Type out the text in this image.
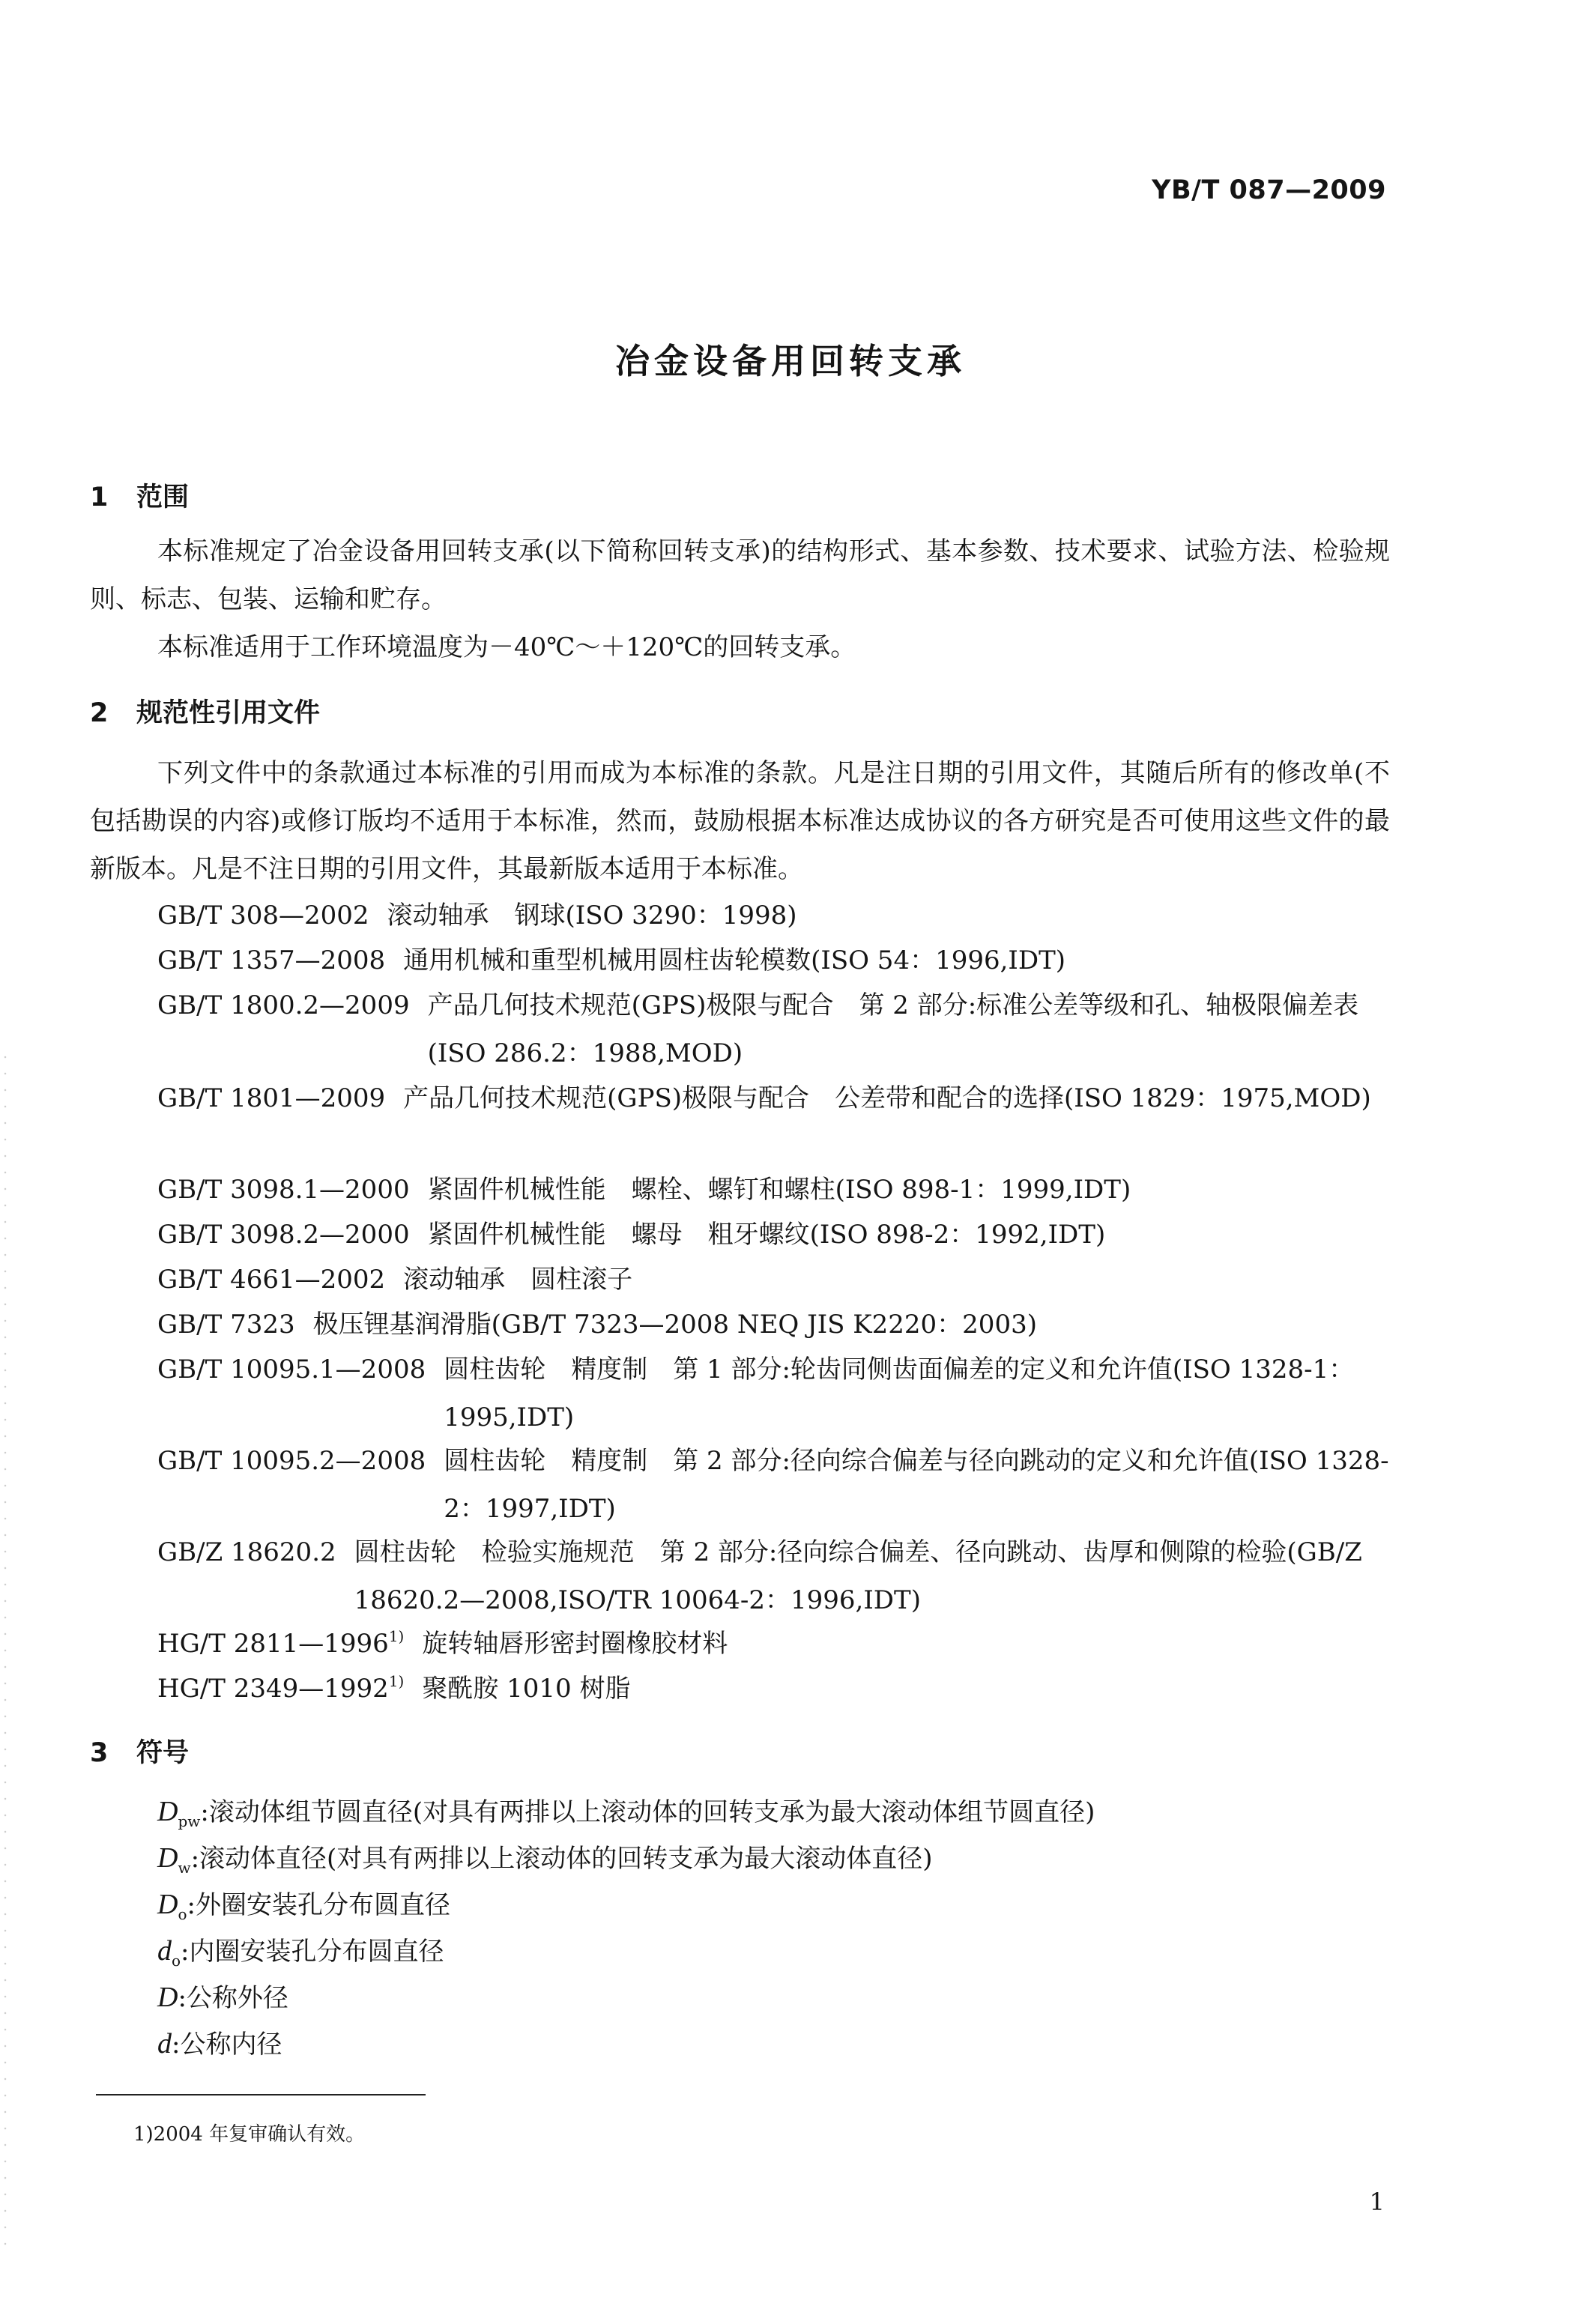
YB/T 087—2009
冶金设备用回转支承
1 范围
本标准规定了冶金设备用回转支承(以下简称回转支承)的结构形式、基本参数、技术要求、试验方法、检验规则、标志、包装、运输和贮存。
本标准适用于工作环境温度为－40℃～＋120℃的回转支承。
2 规范性引用文件
下列文件中的条款通过本标准的引用而成为本标准的条款。凡是注日期的引用文件，其随后所有的修改单(不包括勘误的内容)或修订版均不适用于本标准，然而，鼓励根据本标准达成协议的各方研究是否可使用这些文件的最新版本。凡是不注日期的引用文件，其最新版本适用于本标准。
GB/T 308—2002 滚动轴承　钢球(ISO 3290：1998)
GB/T 1357—2008 通用机械和重型机械用圆柱齿轮模数(ISO 54：1996,IDT)
GB/T 1800.2—2009 产品几何技术规范(GPS)极限与配合　第 2 部分:标准公差等级和孔、轴极限偏差表(ISO 286.2：1988,MOD)
GB/T 1801—2009 产品几何技术规范(GPS)极限与配合　公差带和配合的选择(ISO 1829：1975,MOD)
GB/T 3098.1—2000 紧固件机械性能　螺栓、螺钉和螺柱(ISO 898-1：1999,IDT)
GB/T 3098.2—2000 紧固件机械性能　螺母　粗牙螺纹(ISO 898-2：1992,IDT)
GB/T 4661—2002 滚动轴承　圆柱滚子
GB/T 7323 极压锂基润滑脂(GB/T 7323—2008 NEQ JIS K2220：2003)
GB/T 10095.1—2008 圆柱齿轮　精度制　第 1 部分:轮齿同侧齿面偏差的定义和允许值(ISO 1328-1：1995,IDT)
GB/T 10095.2—2008 圆柱齿轮　精度制　第 2 部分:径向综合偏差与径向跳动的定义和允许值(ISO 1328-2：1997,IDT)
GB/Z 18620.2 圆柱齿轮　检验实施规范　第 2 部分:径向综合偏差、径向跳动、齿厚和侧隙的检验(GB/Z 18620.2—2008,ISO/TR 10064-2：1996,IDT)
HG/T 2811—1996$^{1)}$ 旋转轴唇形密封圈橡胶材料
HG/T 2349—1992$^{1)}$ 聚酰胺 1010 树脂
3 符号
$D_{pw}$:滚动体组节圆直径(对具有两排以上滚动体的回转支承为最大滚动体组节圆直径)
$D_w$:滚动体直径(对具有两排以上滚动体的回转支承为最大滚动体直径)
$D_o$:外圈安装孔分布圆直径
$d_o$:内圈安装孔分布圆直径
D:公称外径
d:公称内径
1)2004 年复审确认有效。
1
